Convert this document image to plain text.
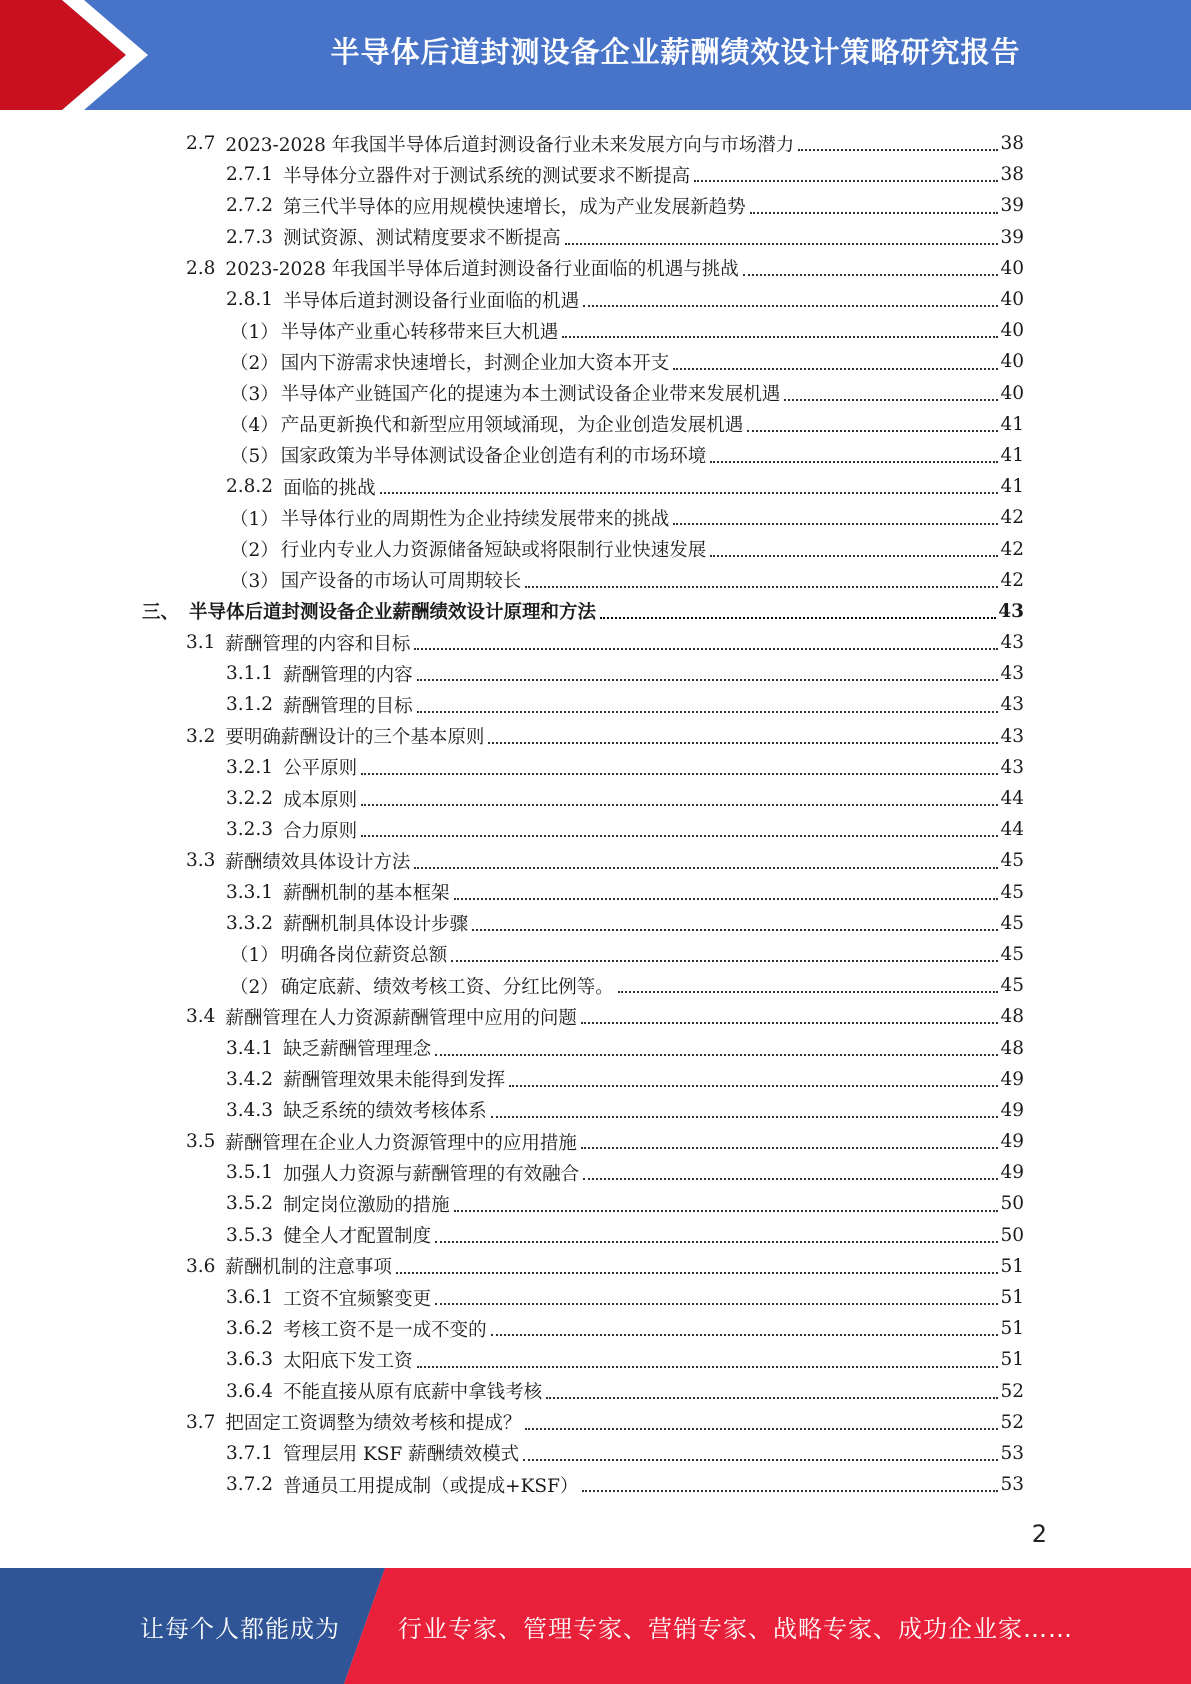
半导体后道封测设备企业薪酬绩效设计策略研究报告
2.7 2023-2028 年我国半导体后道封测设备行业未来发展方向与市场潜力	38
2.7.1 半导体分立器件对于测试系统的测试要求不断提高	38
2.7.2 第三代半导体的应用规模快速增长，成为产业发展新趋势	39
2.7.3 测试资源、测试精度要求不断提高	39
2.8 2023-2028 年我国半导体后道封测设备行业面临的机遇与挑战	40
2.8.1 半导体后道封测设备行业面临的机遇	40
（1） 半导体产业重心转移带来巨大机遇	40
（2） 国内下游需求快速增长，封测企业加大资本开支	40
（3） 半导体产业链国产化的提速为本土测试设备企业带来发展机遇	40
（4） 产品更新换代和新型应用领域涌现，为企业创造发展机遇	41
（5） 国家政策为半导体测试设备企业创造有利的市场环境	41
2.8.2 面临的挑战	41
（1） 半导体行业的周期性为企业持续发展带来的挑战	42
（2） 行业内专业人力资源储备短缺或将限制行业快速发展	42
（3） 国产设备的市场认可周期较长	42
三、 半导体后道封测设备企业薪酬绩效设计原理和方法	43
3.1 薪酬管理的内容和目标	43
3.1.1 薪酬管理的内容	43
3.1.2 薪酬管理的目标	43
3.2 要明确薪酬设计的三个基本原则	43
3.2.1 公平原则	43
3.2.2 成本原则	44
3.2.3 合力原则	44
3.3 薪酬绩效具体设计方法	45
3.3.1 薪酬机制的基本框架	45
3.3.2 薪酬机制具体设计步骤	45
（1） 明确各岗位薪资总额	45
（2） 确定底薪、绩效考核工资、分红比例等。	45
3.4 薪酬管理在人力资源薪酬管理中应用的问题	48
3.4.1 缺乏薪酬管理理念	48
3.4.2 薪酬管理效果未能得到发挥	49
3.4.3 缺乏系统的绩效考核体系	49
3.5 薪酬管理在企业人力资源管理中的应用措施	49
3.5.1 加强人力资源与薪酬管理的有效融合	49
3.5.2 制定岗位激励的措施	50
3.5.3 健全人才配置制度	50
3.6 薪酬机制的注意事项	51
3.6.1 工资不宜频繁变更	51
3.6.2 考核工资不是一成不变的	51
3.6.3 太阳底下发工资	51
3.6.4 不能直接从原有底薪中拿钱考核	52
3.7 把固定工资调整为绩效考核和提成？	52
3.7.1 管理层用 KSF 薪酬绩效模式	53
3.7.2 普通员工用提成制（或提成+KSF）	53
2
让每个人都能成为 行业专家、管理专家、营销专家、战略专家、成功企业家……
